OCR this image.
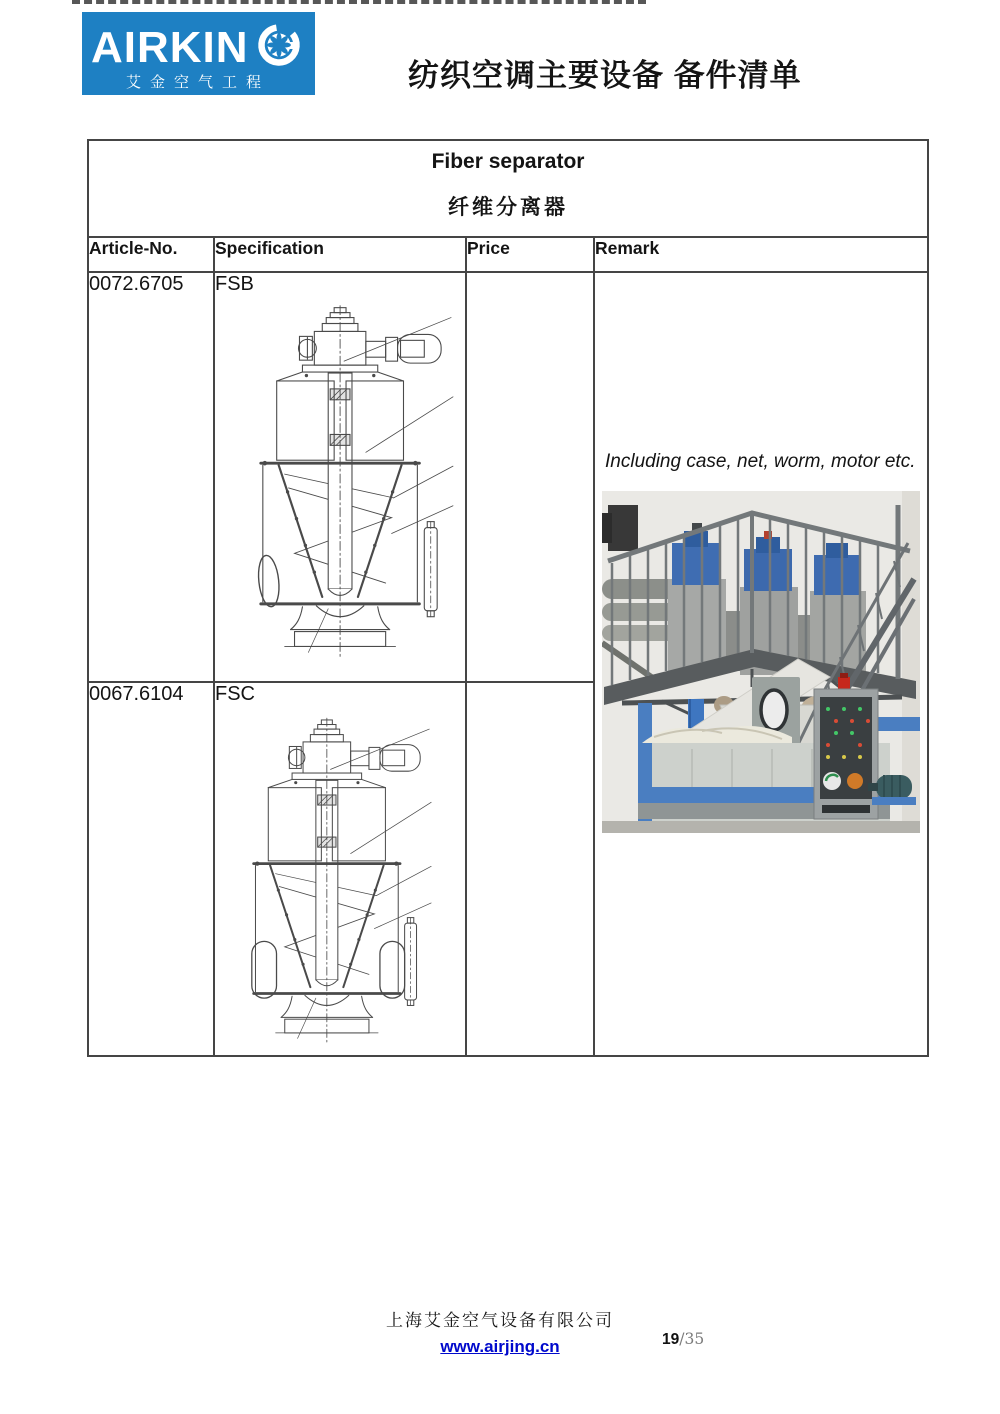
AIRKIN
艾金空气工程	纺织空调主要设备 备件清单
Fiber separator
纤维分离器			

Article-No.	Specification	Price	Remark
0072.6705	FSB		Including case, net, worm, motor etc.

0067.6104	FSC		

上海艾金空气设备有限公司
www.airjing.cn	19/35
